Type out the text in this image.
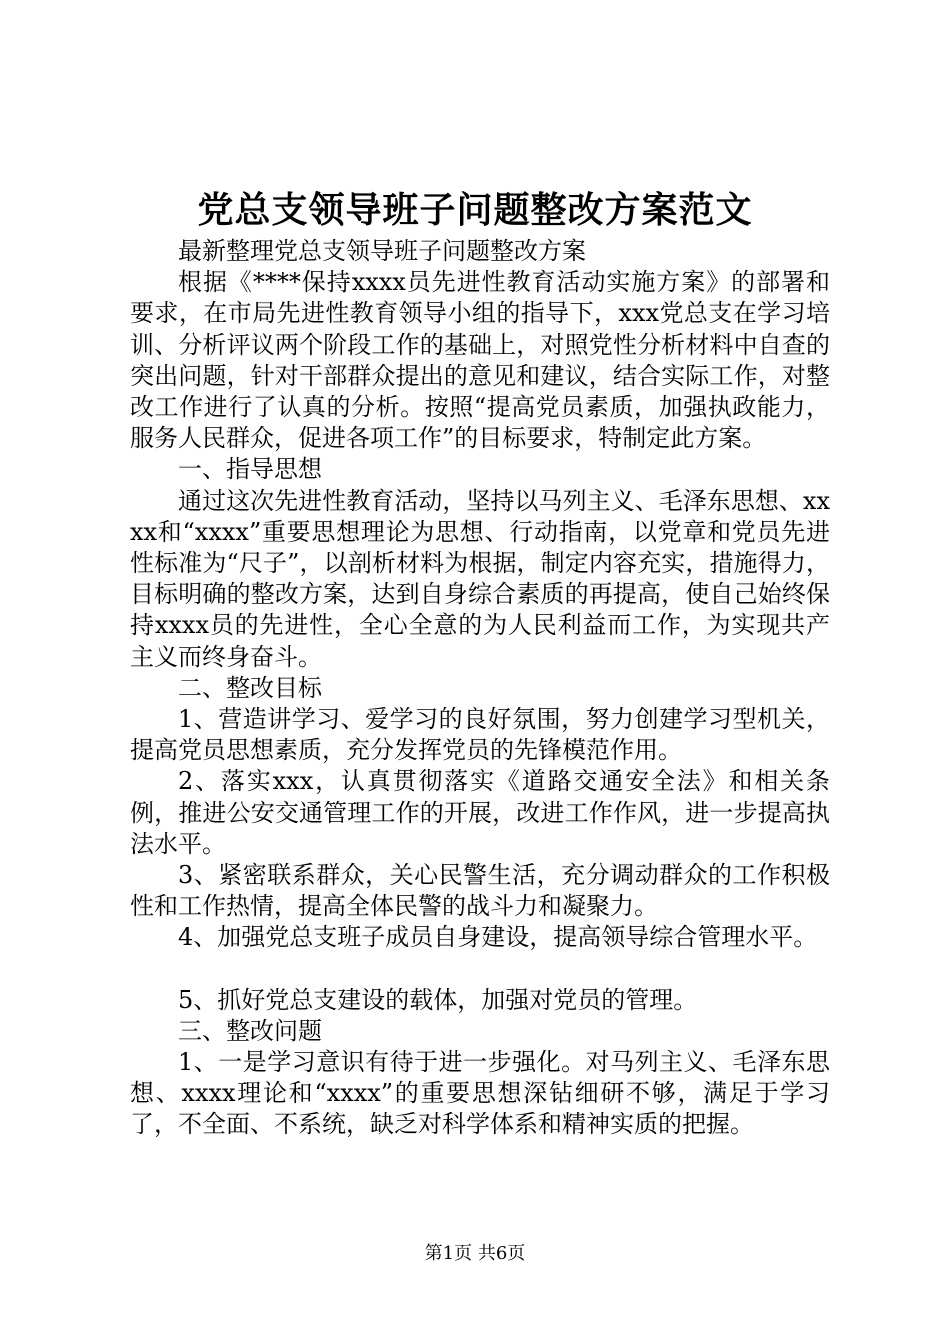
党总支领导班子问题整改方案范文

最新整理党总支领导班子问题整改方案

根据《****保持xxxx员先进性教育活动实施方案》的部署和要求，在市局先进性教育领导小组的指导下，xxx党总支在学习培训、分析评议两个阶段工作的基础上，对照党性分析材料中自查的突出问题，针对干部群众提出的意见和建议，结合实际工作，对整改工作进行了认真的分析。按照“提高党员素质，加强执政能力，服务人民群众，促进各项工作”的目标要求，特制定此方案。

一、指导思想

通过这次先进性教育活动，坚持以马列主义、毛泽东思想、xxxx和“xxxx”重要思想理论为思想、行动指南，以党章和党员先进性标准为“尺子”，以剖析材料为根据，制定内容充实，措施得力，目标明确的整改方案，达到自身综合素质的再提高，使自己始终保持xxxx员的先进性，全心全意的为人民利益而工作，为实现共产主义而终身奋斗。

二、整改目标

1、营造讲学习、爱学习的良好氛围，努力创建学习型机关，提高党员思想素质，充分发挥党员的先锋模范作用。

2、落实xxx，认真贯彻落实《道路交通安全法》和相关条例，推进公安交通管理工作的开展，改进工作作风，进一步提高执法水平。

3、紧密联系群众，关心民警生活，充分调动群众的工作积极性和工作热情，提高全体民警的战斗力和凝聚力。

4、加强党总支班子成员自身建设，提高领导综合管理水平。

5、抓好党总支建设的载体，加强对党员的管理。

三、整改问题

1、一是学习意识有待于进一步强化。对马列主义、毛泽东思想、xxxx理论和“xxxx”的重要思想深钻细研不够，满足于学习了，不全面、不系统，缺乏对科学体系和精神实质的把握。

第1页 共6页
